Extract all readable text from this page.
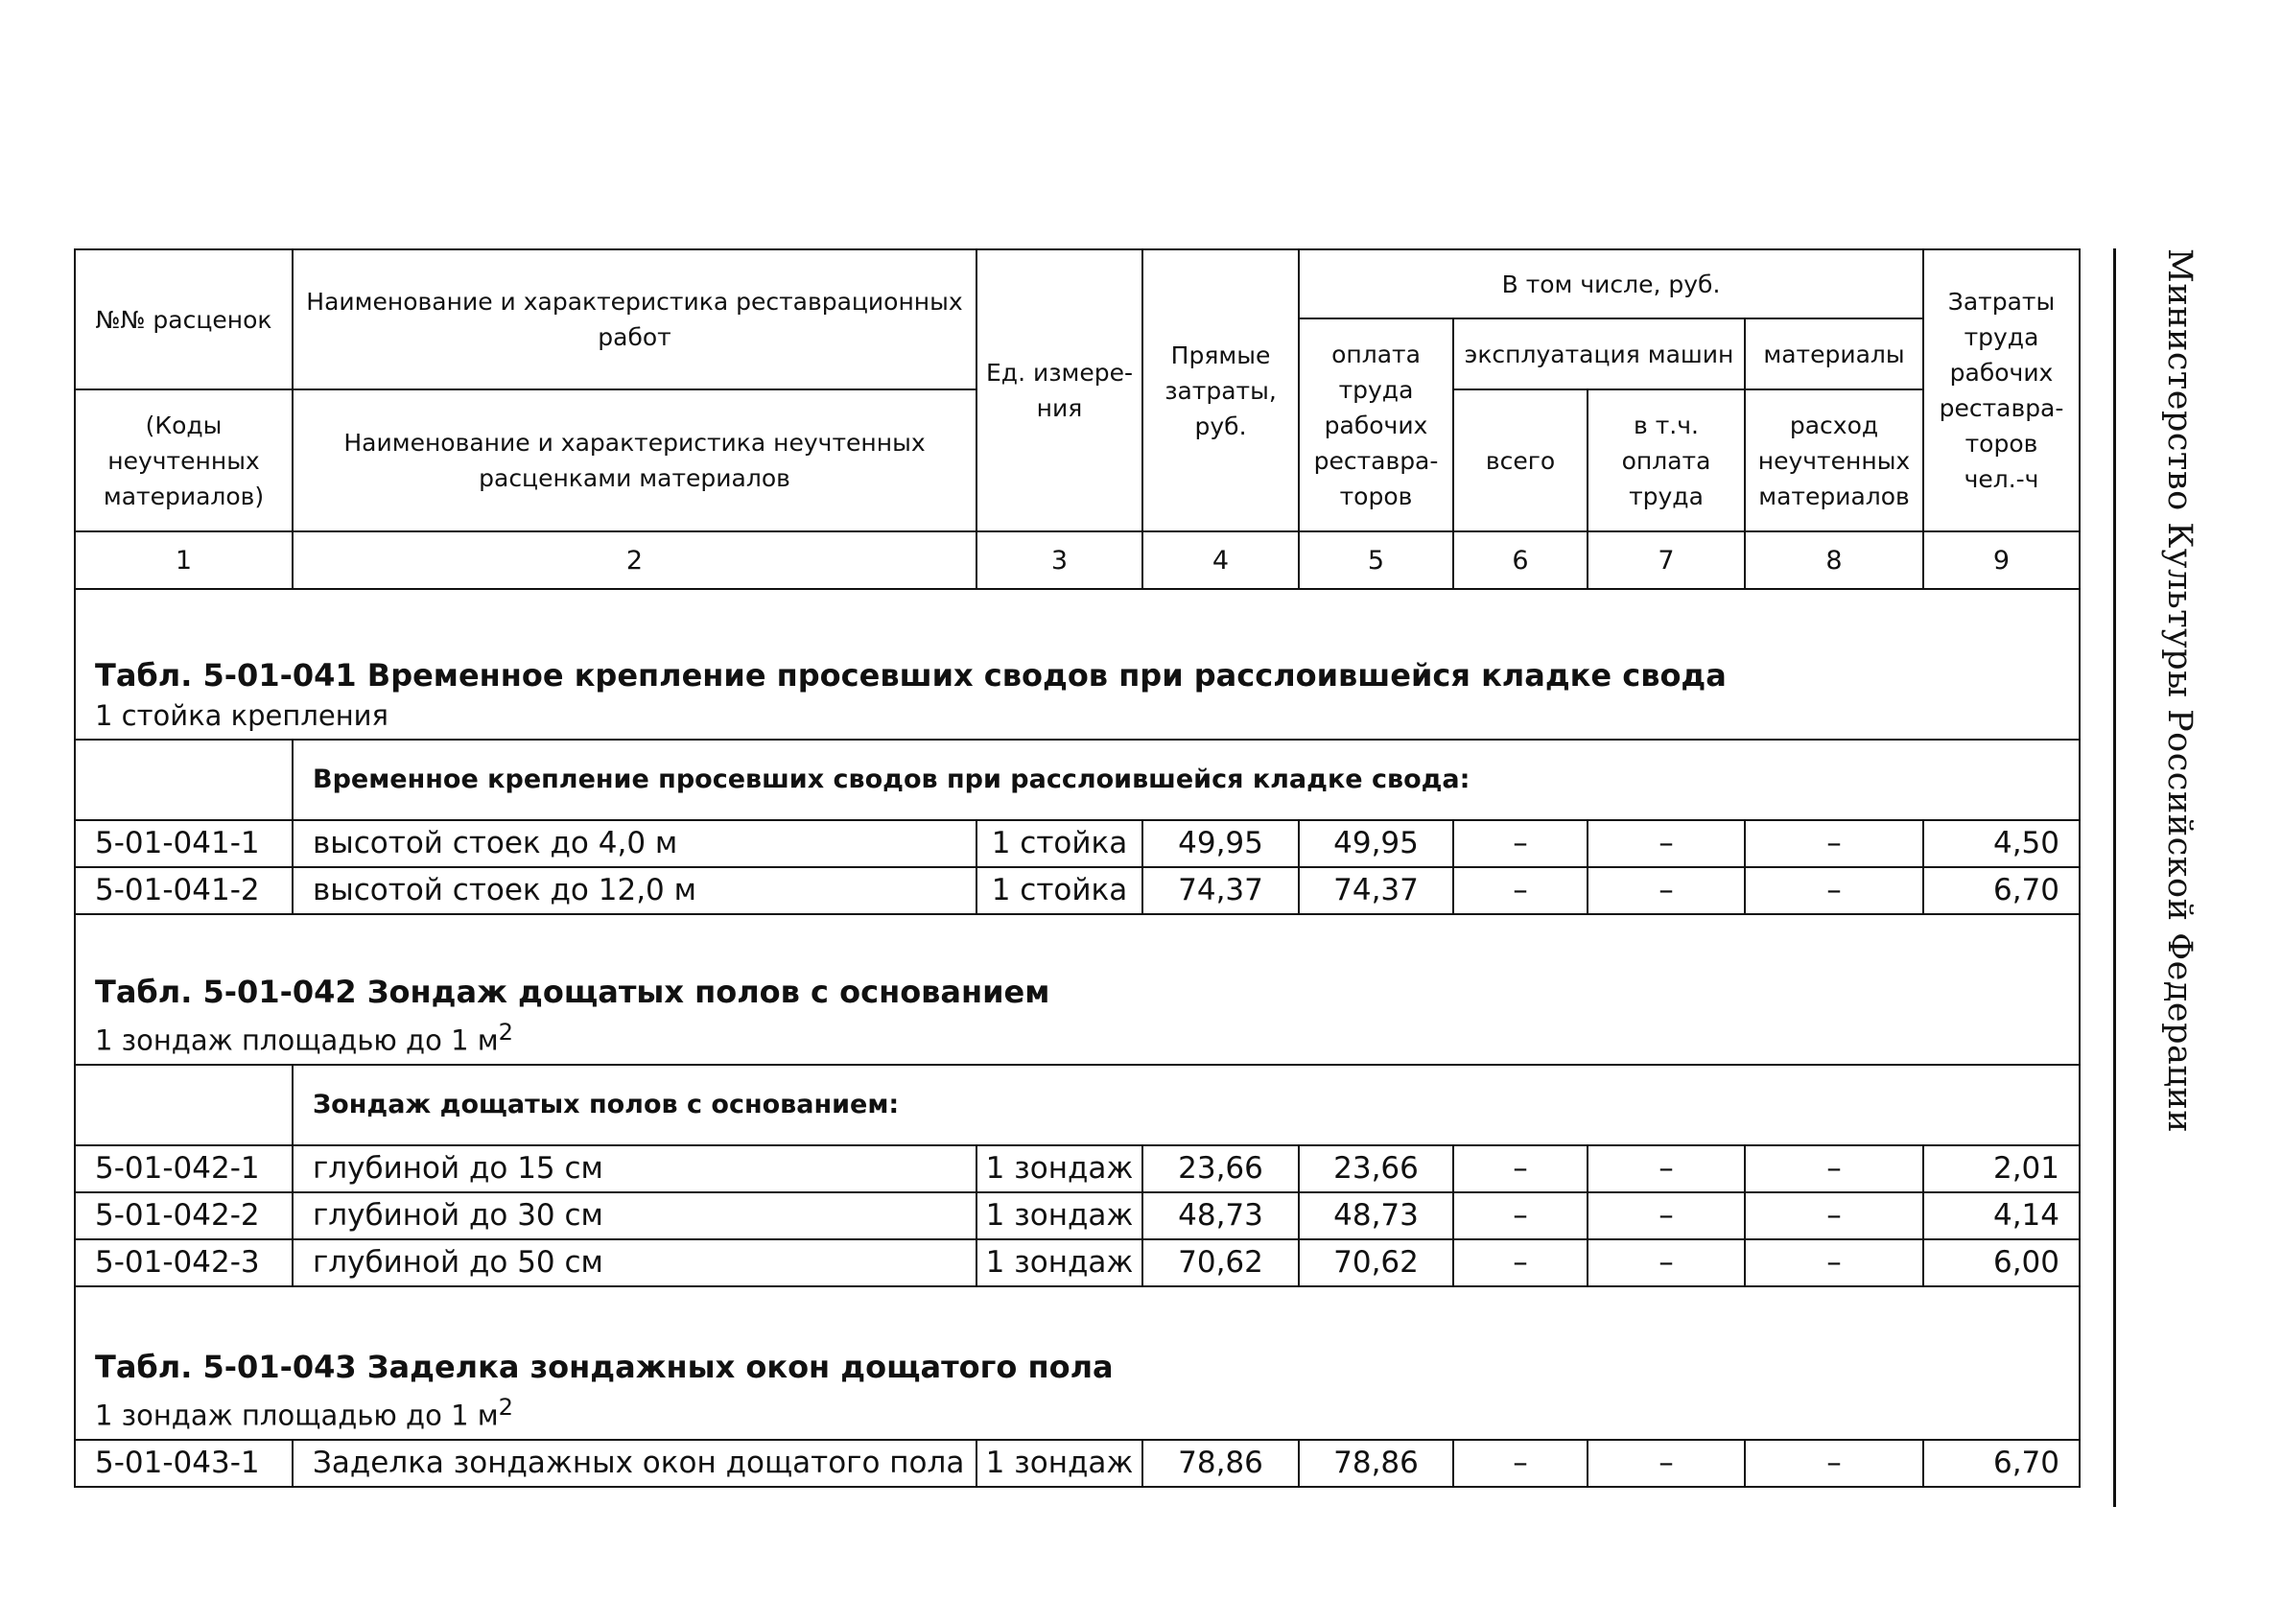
№№ расценок	Наименование и характеристика реставрационных работ	Ед. измере-ния	Прямые затраты, руб.	В том числе, руб.				Затраты труда рабочих реставра-торов чел.-ч
				оплата труда рабочих реставра-торов	эксплуатация машин		материалы	
(Коды неучтенных материалов)	Наименование и характеристика неучтенных расценками материалов				всего	в т.ч. оплата труда	расход неучтенных материалов	

1	2	3	4	5	6	7	8	9

Табл. 5-01-041 Временное крепление просевших сводов при расслоившейся кладке свода
1 стойка крепления								

	Временное крепление просевших сводов при расслоившейся кладке свода:							
5-01-041-1	высотой стоек до 4,0 м	1 стойка	49,95	49,95	–	–	–	4,50
5-01-041-2	высотой стоек до 12,0 м	1 стойка	74,37	74,37	–	–	–	6,70

Табл. 5-01-042 Зондаж дощатых полов с основанием
1 зондаж площадью до 1 $м^2$

	Зондаж дощатых полов с основанием:							
5-01-042-1	глубиной до 15 см	1 зондаж	23,66	23,66	–	–	–	2,01
5-01-042-2	глубиной до 30 см	1 зондаж	48,73	48,73	–	–	–	4,14
5-01-042-3	глубиной до 50 см	1 зондаж	70,62	70,62	–	–	–	6,00

Табл. 5-01-043 Заделка зондажных окон дощатого пола
1 зондаж площадью до 1 $м^2$

5-01-043-1	Заделка зондажных окон дощатого пола	1 зондаж	78,86	78,86	–	–	–	6,70
Министерство Культуры Российской Федерации
